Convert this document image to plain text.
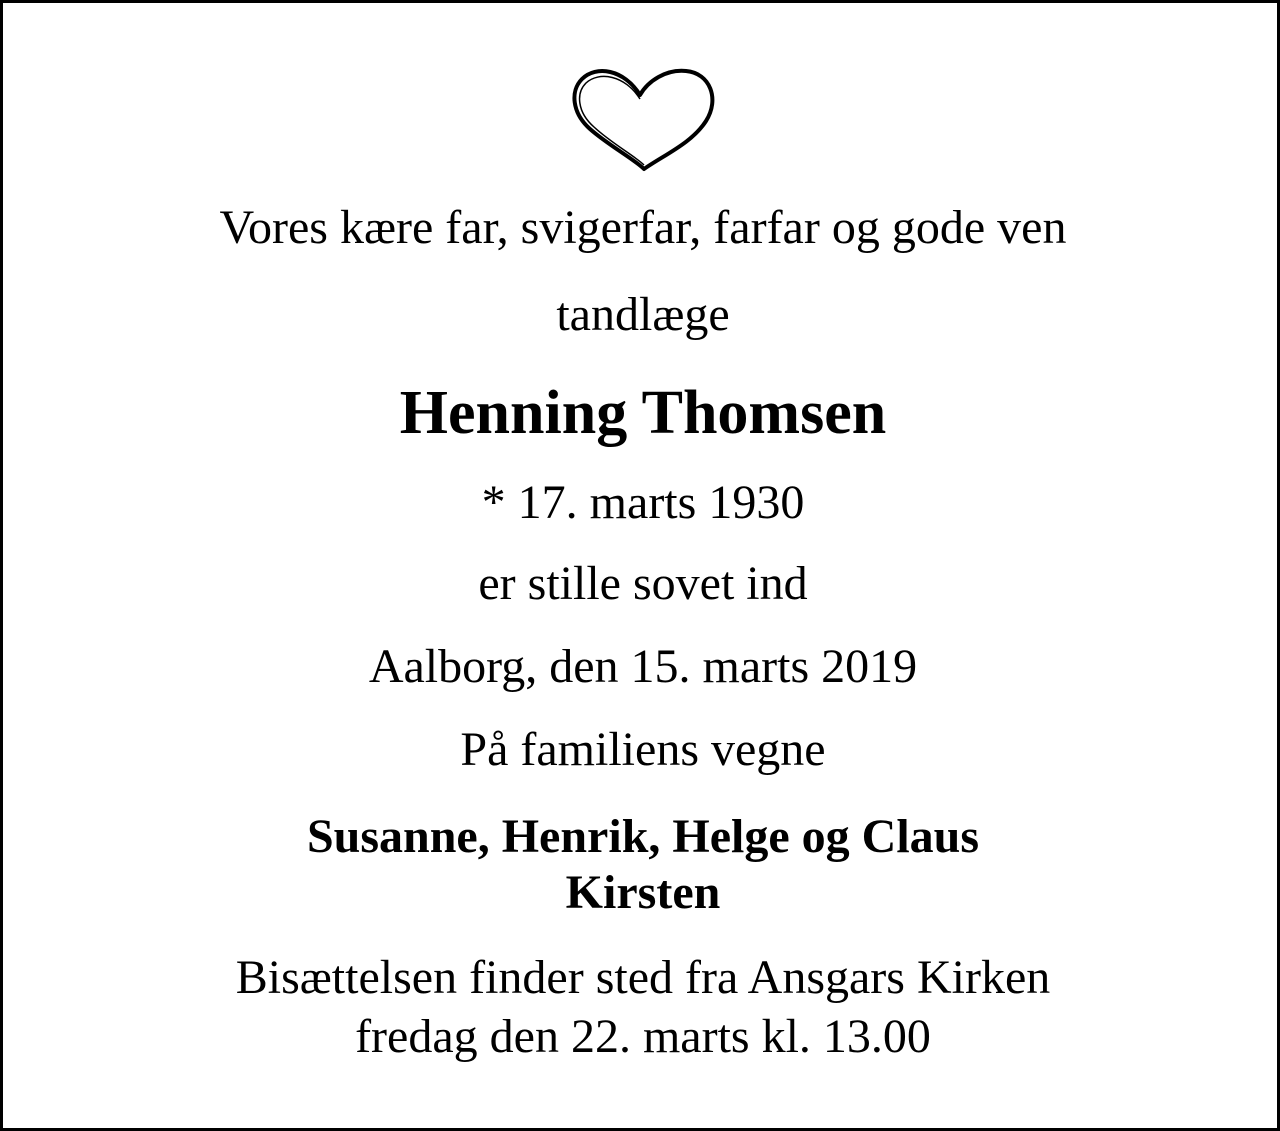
Vores kære far, svigerfar, farfar og gode ven
tandlæge
Henning Thomsen
* 17. marts 1930
er stille sovet ind
Aalborg, den 15. marts 2019
På familiens vegne
Susanne, Henrik, Helge og Claus
Kirsten
Bisættelsen finder sted fra Ansgars Kirken
fredag den 22. marts kl. 13.00
